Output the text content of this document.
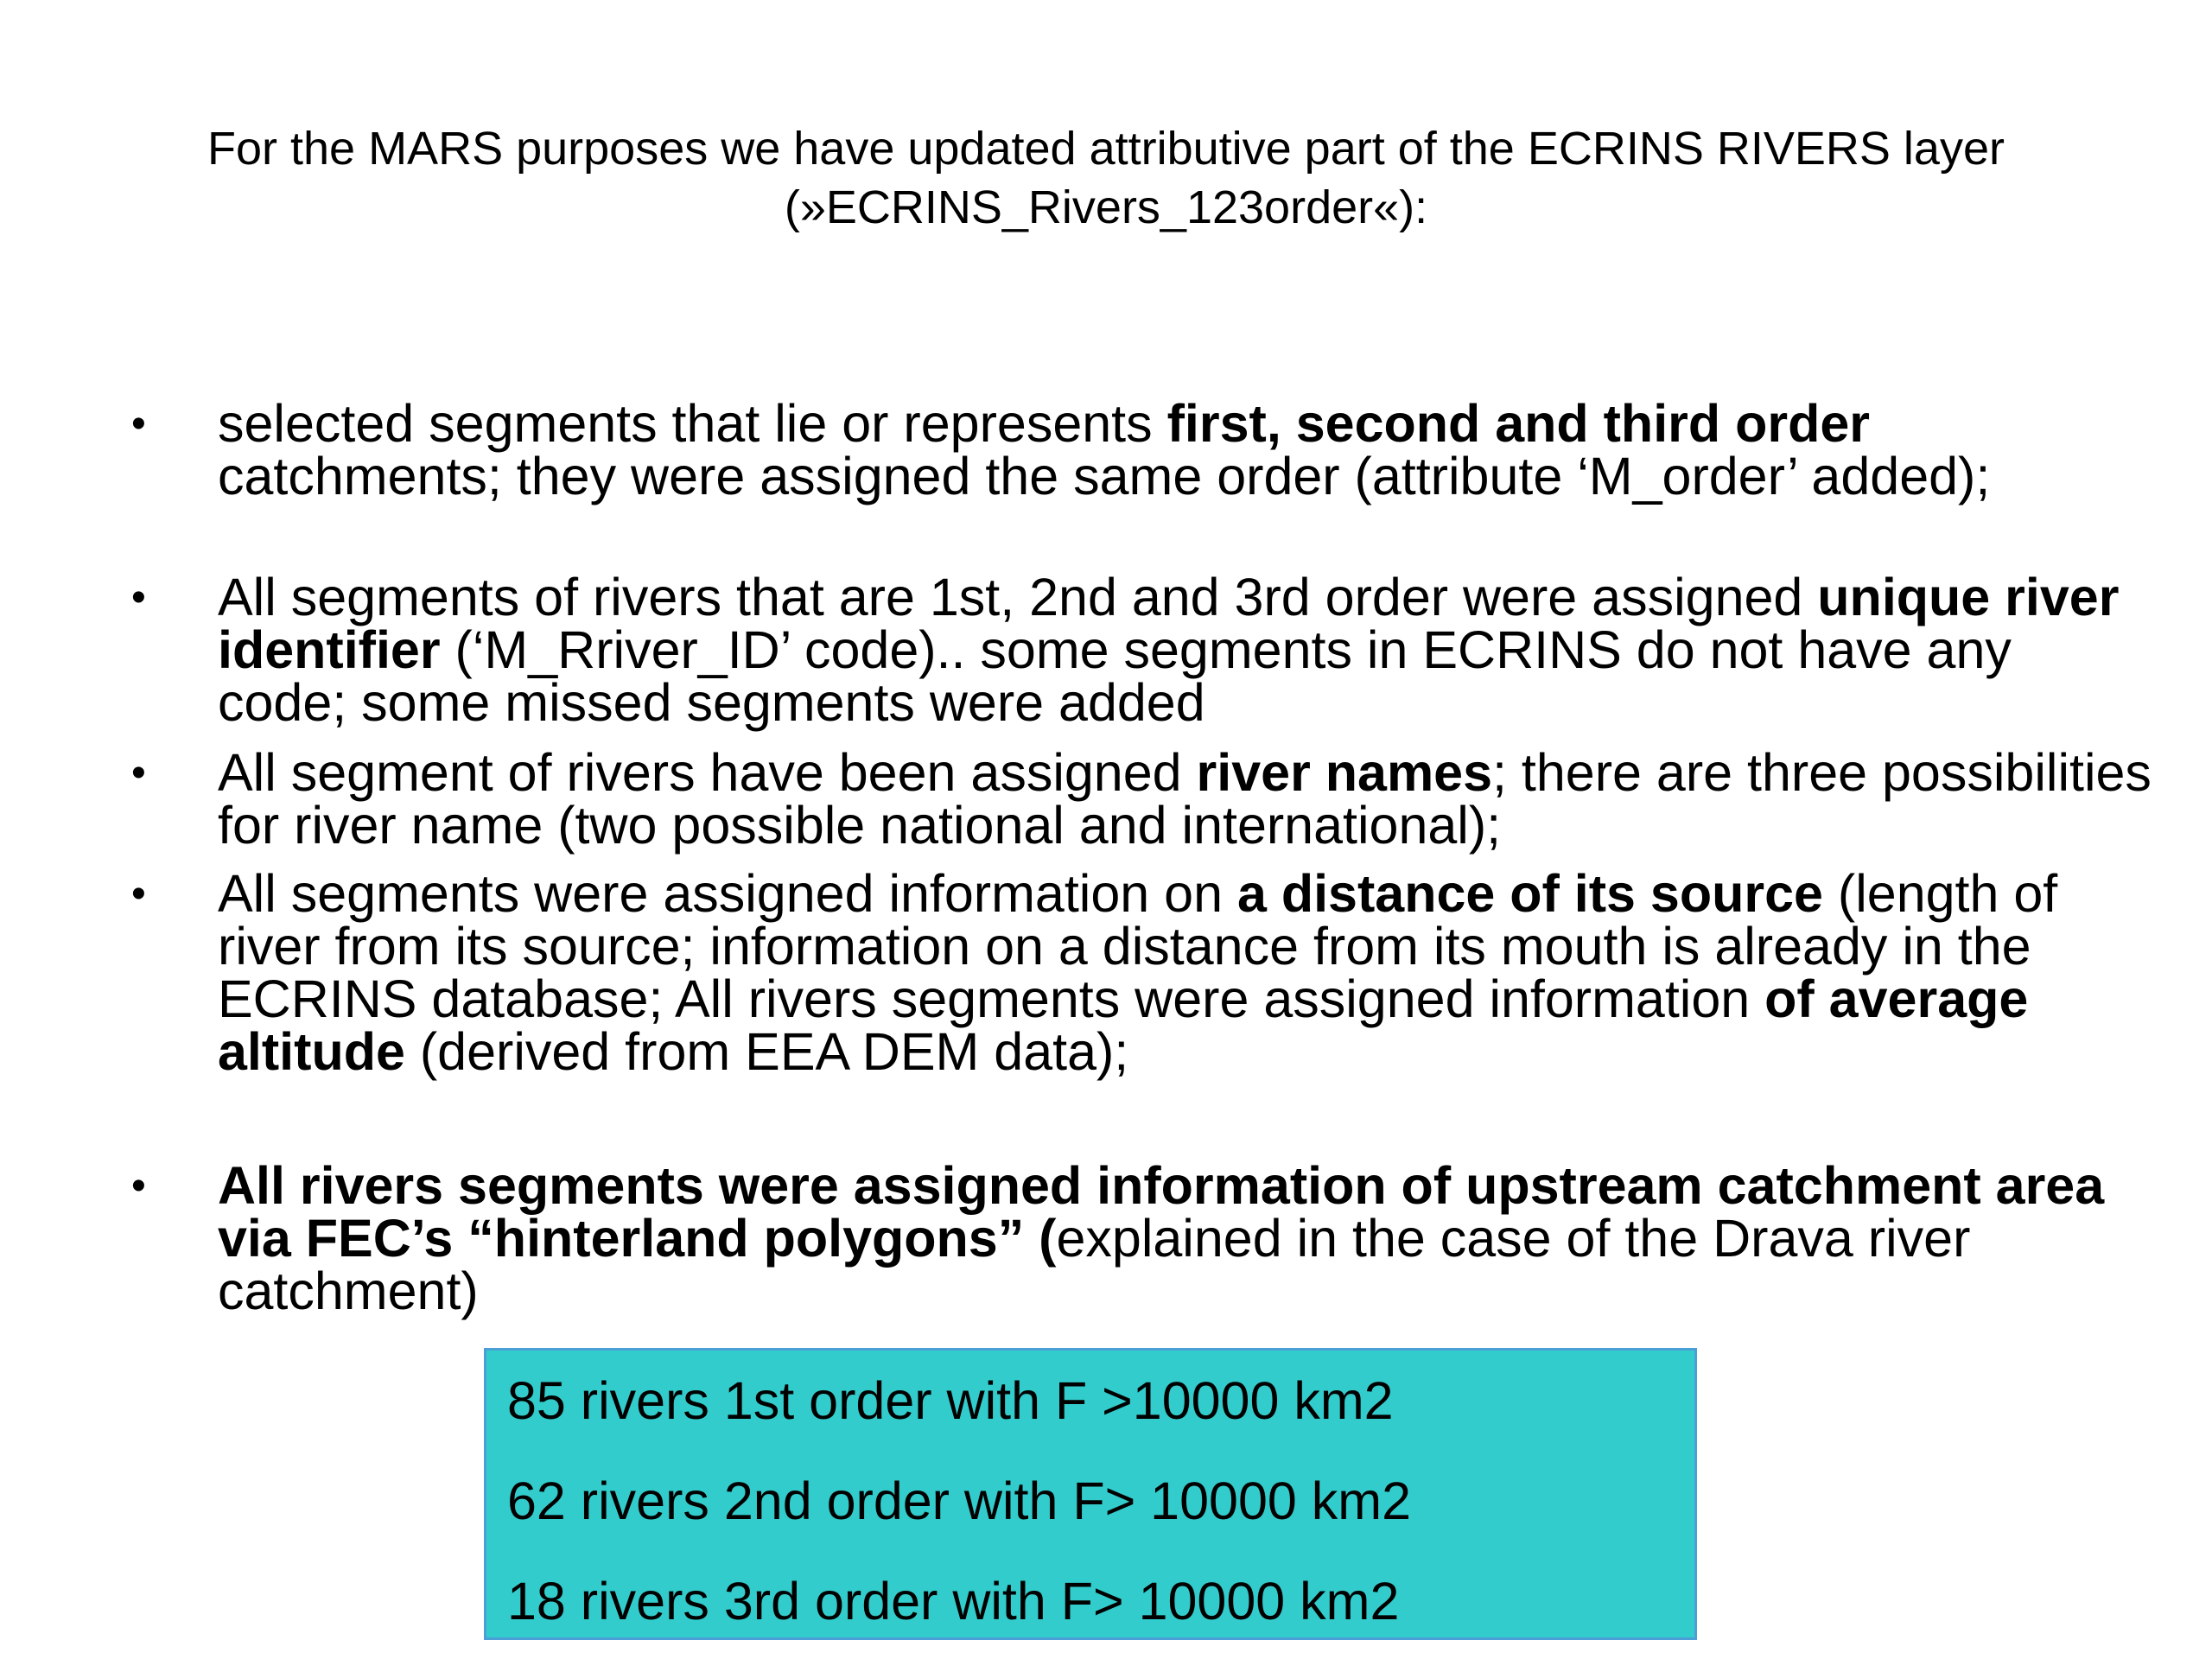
For the MARS purposes we have updated attributive part of the ECRINS RIVERS layer
(»ECRINS_Rivers_123order«):
• selected segments that lie or represents first, second and third order catchments; they were assigned the same order (attribute ‘M_order’ added);
• All segments of rivers that are 1st, 2nd and 3rd order were assigned unique river identifier (‘M_Rriver_ID’ code).. some segments in ECRINS do not have any code; some missed segments were added
• All segment of rivers have been assigned river names; there are three possibilities for river name (two possible national and international);
• All segments were assigned information on a distance of its source (length of river from its source; information on a distance from its mouth is already in the ECRINS database; All rivers segments were assigned information of average altitude (derived from EEA DEM data);
• All rivers segments were assigned information of upstream catchment area via FEC’s “hinterland polygons” (explained in the case of the Drava river catchment)
85 rivers 1st order with F >10000 km2
62 rivers 2nd order with F> 10000 km2
18 rivers 3rd order with F> 10000 km2
